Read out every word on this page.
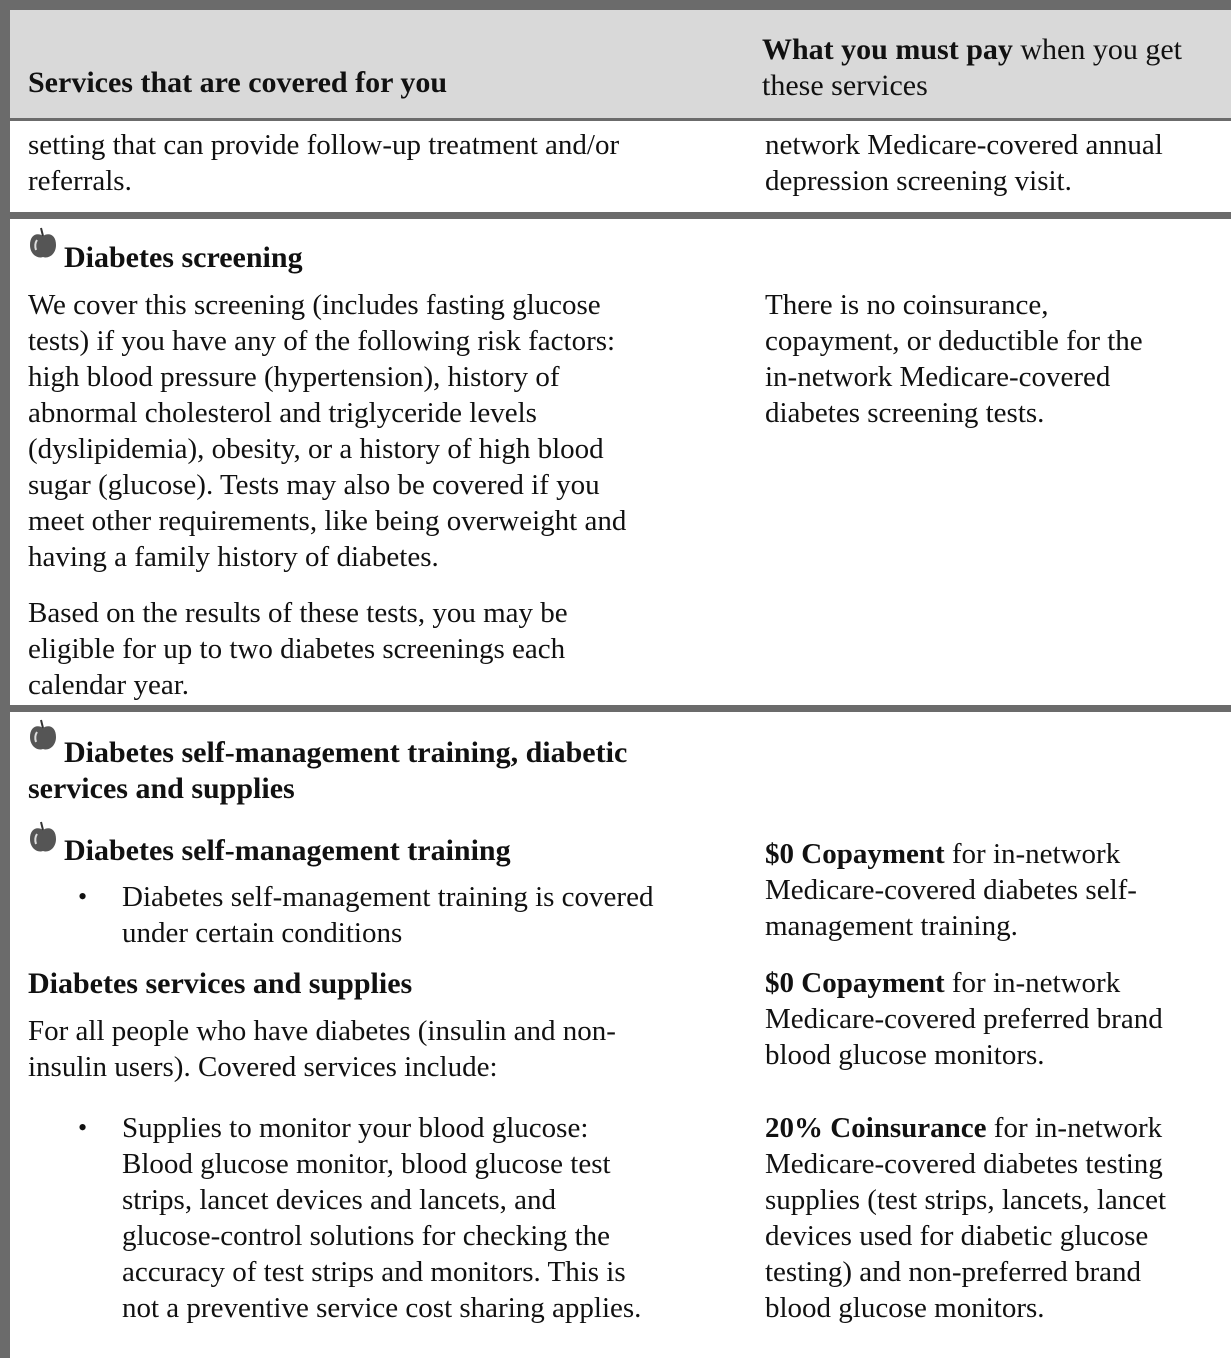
Services that are covered for you
What you must pay when you get these services
setting that can provide follow-up treatment and/or
referrals.
network Medicare-covered annual
depression screening visit.
Diabetes screening
We cover this screening (includes fasting glucose
tests) if you have any of the following risk factors:
high blood pressure (hypertension), history of
abnormal cholesterol and triglyceride levels
(dyslipidemia), obesity, or a history of high blood
sugar (glucose). Tests may also be covered if you
meet other requirements, like being overweight and
having a family history of diabetes.
Based on the results of these tests, you may be
eligible for up to two diabetes screenings each
calendar year.
There is no coinsurance,
copayment, or deductible for the
in-network Medicare-covered
diabetes screening tests.
Diabetes self-management training, diabetic
services and supplies
Diabetes self-management training
• Diabetes self-management training is covered
under certain conditions
$0 Copayment for in-network
Medicare-covered diabetes self-
management training.
Diabetes services and supplies
For all people who have diabetes (insulin and non-
insulin users). Covered services include:
$0 Copayment for in-network
Medicare-covered preferred brand
blood glucose monitors.
• Supplies to monitor your blood glucose:
Blood glucose monitor, blood glucose test
strips, lancet devices and lancets, and
glucose-control solutions for checking the
accuracy of test strips and monitors. This is
not a preventive service cost sharing applies.
20% Coinsurance for in-network
Medicare-covered diabetes testing
supplies (test strips, lancets, lancet
devices used for diabetic glucose
testing) and non-preferred brand
blood glucose monitors.
